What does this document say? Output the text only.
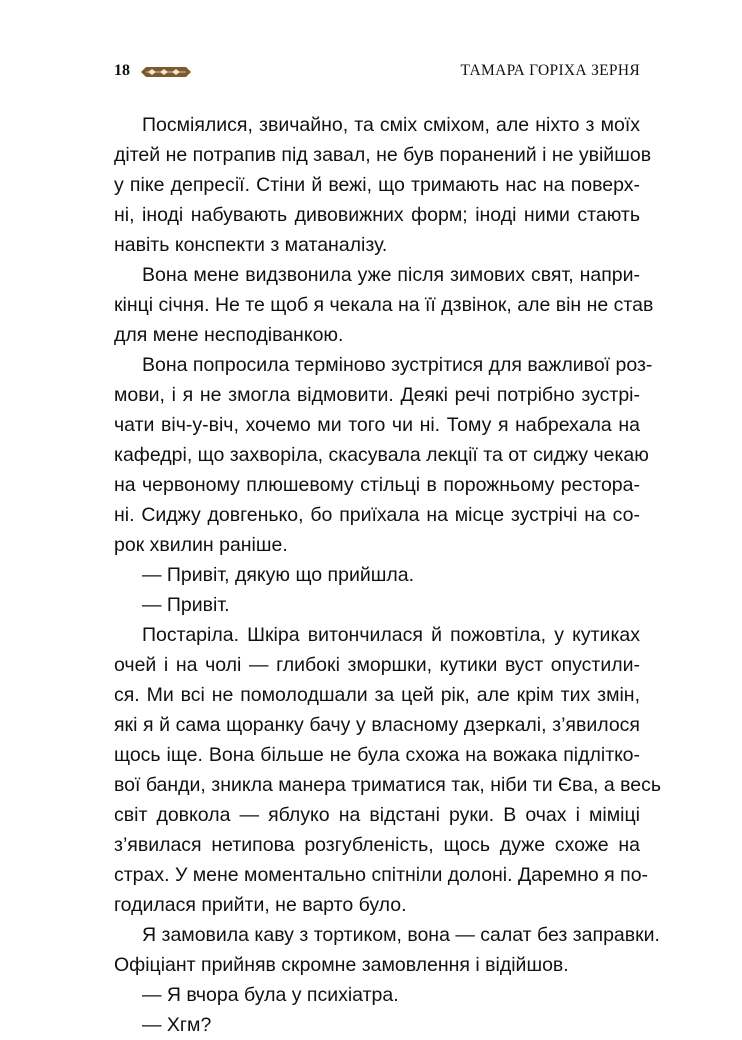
18	ТАМАРА ГОРІХА ЗЕРНЯ
Посміялися, звичайно, та сміх сміхом, але ніхто з моїх
дітей не потрапив під завал, не був поранений і не увійшов
у піке депресії. Стіни й вежі, що тримають нас на поверх-
ні, іноді набувають дивовижних форм; іноді ними стають
навіть конспекти з матаналізу.
Вона мене видзвонила уже після зимових свят, напри-
кінці січня. Не те щоб я чекала на її дзвінок, але він не став
для мене несподіванкою.
Вона попросила терміново зустрітися для важливої роз-
мови, і я не змогла відмовити. Деякі речі потрібно зустрі-
чати віч-у-віч, хочемо ми того чи ні. Тому я набрехала на
кафедрі, що захворіла, скасувала лекції та от сиджу чекаю
на червоному плюшевому стільці в порожньому ресторa-
ні. Сиджу довгенько, бо приїхала на місце зустрічі на со-
рок хвилин раніше.
— Привіт, дякую що прийшла.
— Привіт.
Постаріла. Шкіра витончилася й пожовтіла, у кутиках
очей і на чолі — глибокі зморшки, кутики вуст опустили-
ся. Ми всі не помолодшали за цей рік, але крім тих змін,
які я й сама щоранку бачу у власному дзеркалі, з’явилося
щось іще. Вона більше не була схожа на вожака підліткo-
вої банди, зникла манера триматися так, ніби ти Єва, а весь
світ довкола — яблуко на відстані руки. В очах і міміці
з’явилася нетипова розгубленість, щось дуже схоже на
страх. У мене моментально спітніли долоні. Даремно я по-
годилася прийти, не варто було.
Я замовила каву з тортиком, вона — салат без заправки.
Офіціант прийняв скромне замовлення і відійшов.
— Я вчора була у психіатра.
— Хгм?
